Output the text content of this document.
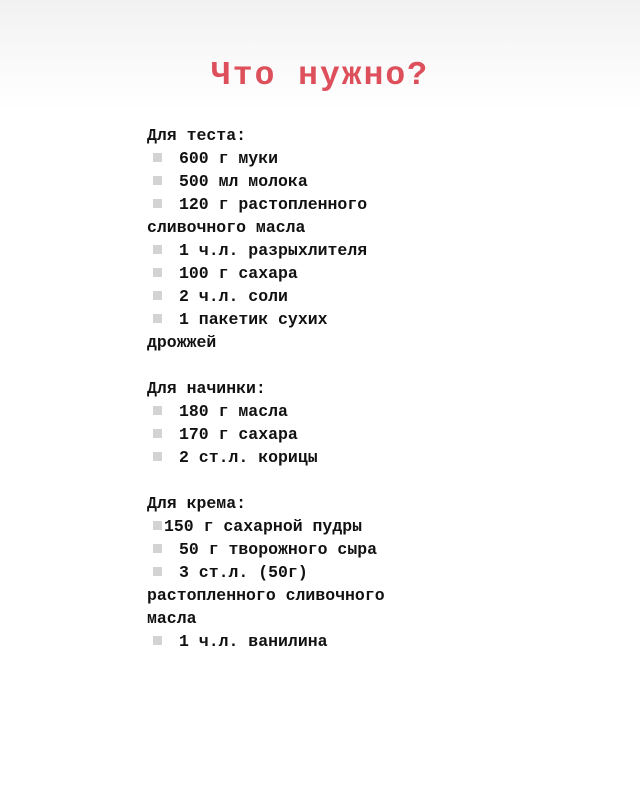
Что нужно?
Для теста:
600 г муки
500 мл молока
120 г растопленного сливочного масла
1 ч.л. разрыхлителя
100 г сахара
2 ч.л. соли
1 пакетик сухих дрожжей
Для начинки:
180 г масла
170 г сахара
2 ст.л. корицы
Для крема:
150 г сахарной пудры
50 г творожного сыра
3 ст.л. (50г) растопленного сливочного масла
1 ч.л. ванилина
